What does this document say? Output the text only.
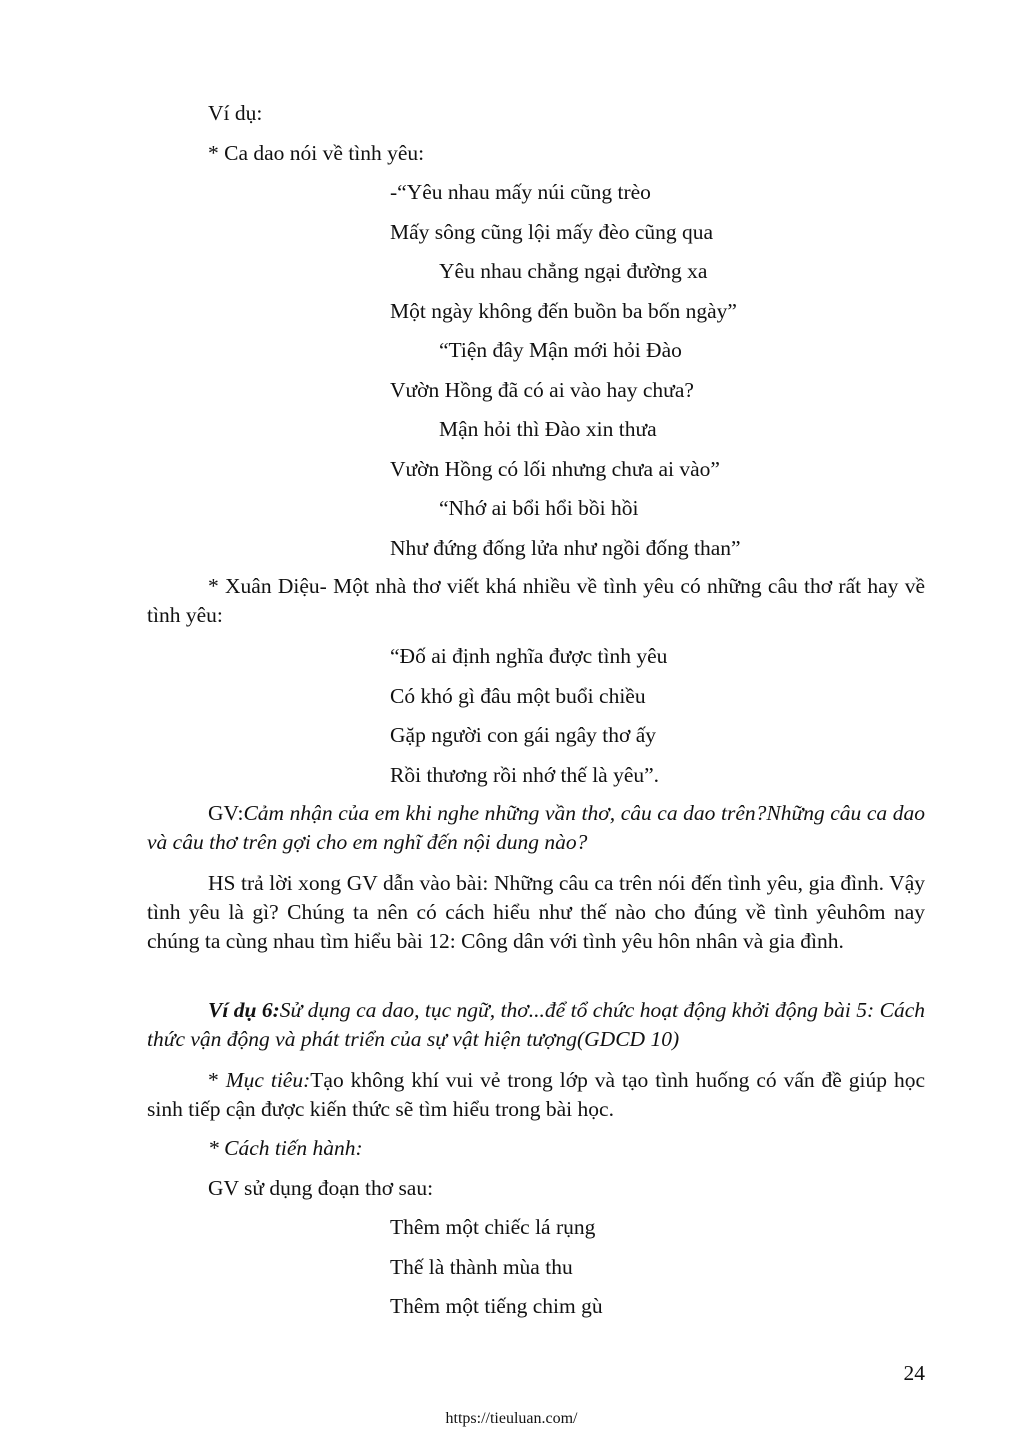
Ví dụ:
* Ca dao nói về tình yêu:
-“Yêu nhau mấy núi cũng trèo
Mấy sông cũng lội mấy đèo cũng qua
Yêu nhau chẳng ngại đường xa
Một ngày không đến buồn ba bốn ngày”
“Tiện đây Mận mới hỏi Đào
Vườn Hồng đã có ai vào hay chưa?
Mận hỏi thì Đào xin thưa
Vườn Hồng có lối nhưng chưa ai vào”
“Nhớ ai bổi hổi bồi hồi
Như đứng đống lửa như ngồi đống than”
* Xuân Diệu- Một nhà thơ viết khá nhiều về tình yêu có những câu thơ rất hay về tình yêu:
“Đố ai định nghĩa được tình yêu
Có khó gì đâu một buổi chiều
Gặp người con gái ngây thơ ấy
Rồi thương rồi nhớ thế là yêu”.
GV:Cảm nhận của em khi nghe những vần thơ, câu ca dao trên?Những câu ca dao và câu thơ trên gợi cho em nghĩ đến nội dung nào?
HS trả lời xong GV dẫn vào bài: Những câu ca trên nói đến tình yêu, gia đình. Vậy tình yêu là gì? Chúng ta nên có cách hiểu như thế nào cho đúng về tình yêuhôm nay chúng ta cùng nhau tìm hiểu bài 12: Công dân với tình yêu hôn nhân và gia đình.
Ví dụ 6:Sử dụng ca dao, tục ngữ, thơ...để tổ chức hoạt động khởi động bài 5: Cách thức vận động và phát triển của sự vật hiện tượng(GDCD 10)
* Mục tiêu:Tạo không khí vui vẻ trong lớp và tạo tình huống có vấn đề giúp học sinh tiếp cận được kiến thức sẽ tìm hiểu trong bài học.
* Cách tiến hành:
GV sử dụng đoạn thơ sau:
Thêm một chiếc lá rụng
Thế là thành mùa thu
Thêm một tiếng chim gù
24
https://tieuluan.com/
